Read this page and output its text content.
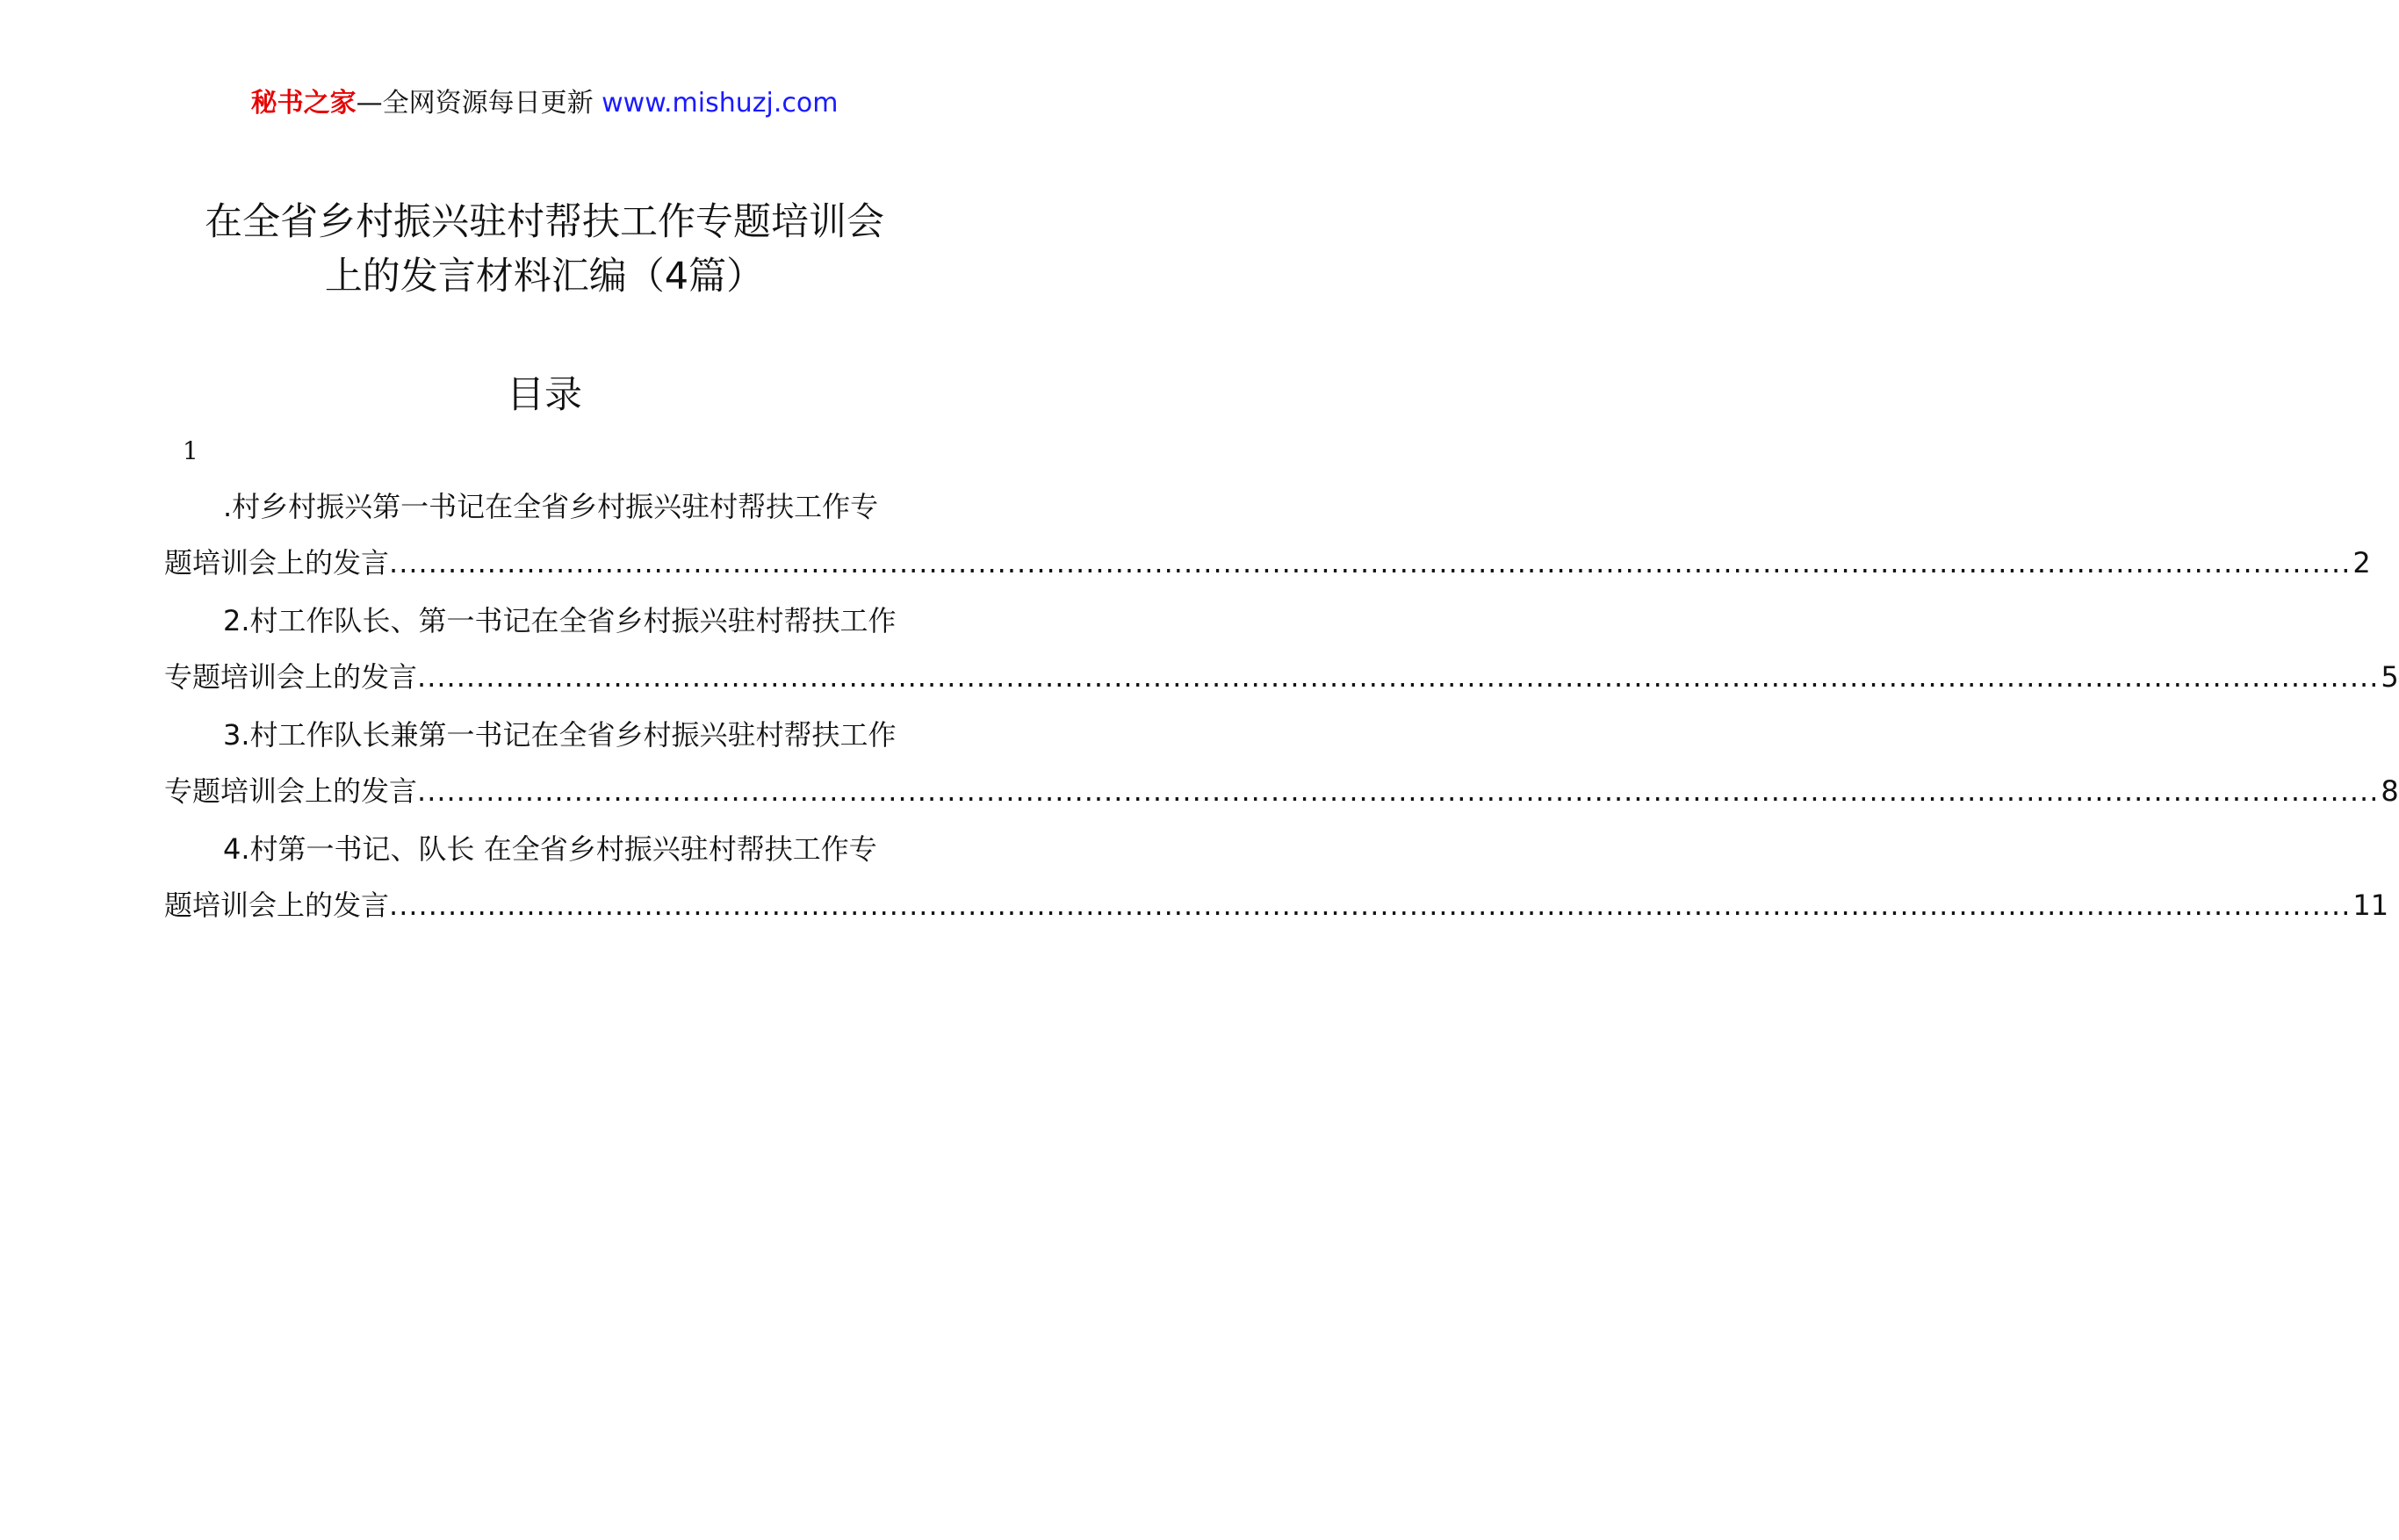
秘书之家—全网资源每日更新 www.mishuzj.com
在全省乡村振兴驻村帮扶工作专题培训会
上的发言材料汇编（4篇）
目录
1
.村乡村振兴第一书记在全省乡村振兴驻村帮扶工作专
题培训会上的发言 ........................................................................................................................................................................................................ 2
2.村工作队长、第一书记在全省乡村振兴驻村帮扶工作
专题培训会上的发言 ........................................................................................................................................................................................................ 5
3.村工作队长兼第一书记在全省乡村振兴驻村帮扶工作
专题培训会上的发言 ........................................................................................................................................................................................................ 8
4.村第一书记、队长 在全省乡村振兴驻村帮扶工作专
题培训会上的发言 ........................................................................................................................................................................................................ 11
